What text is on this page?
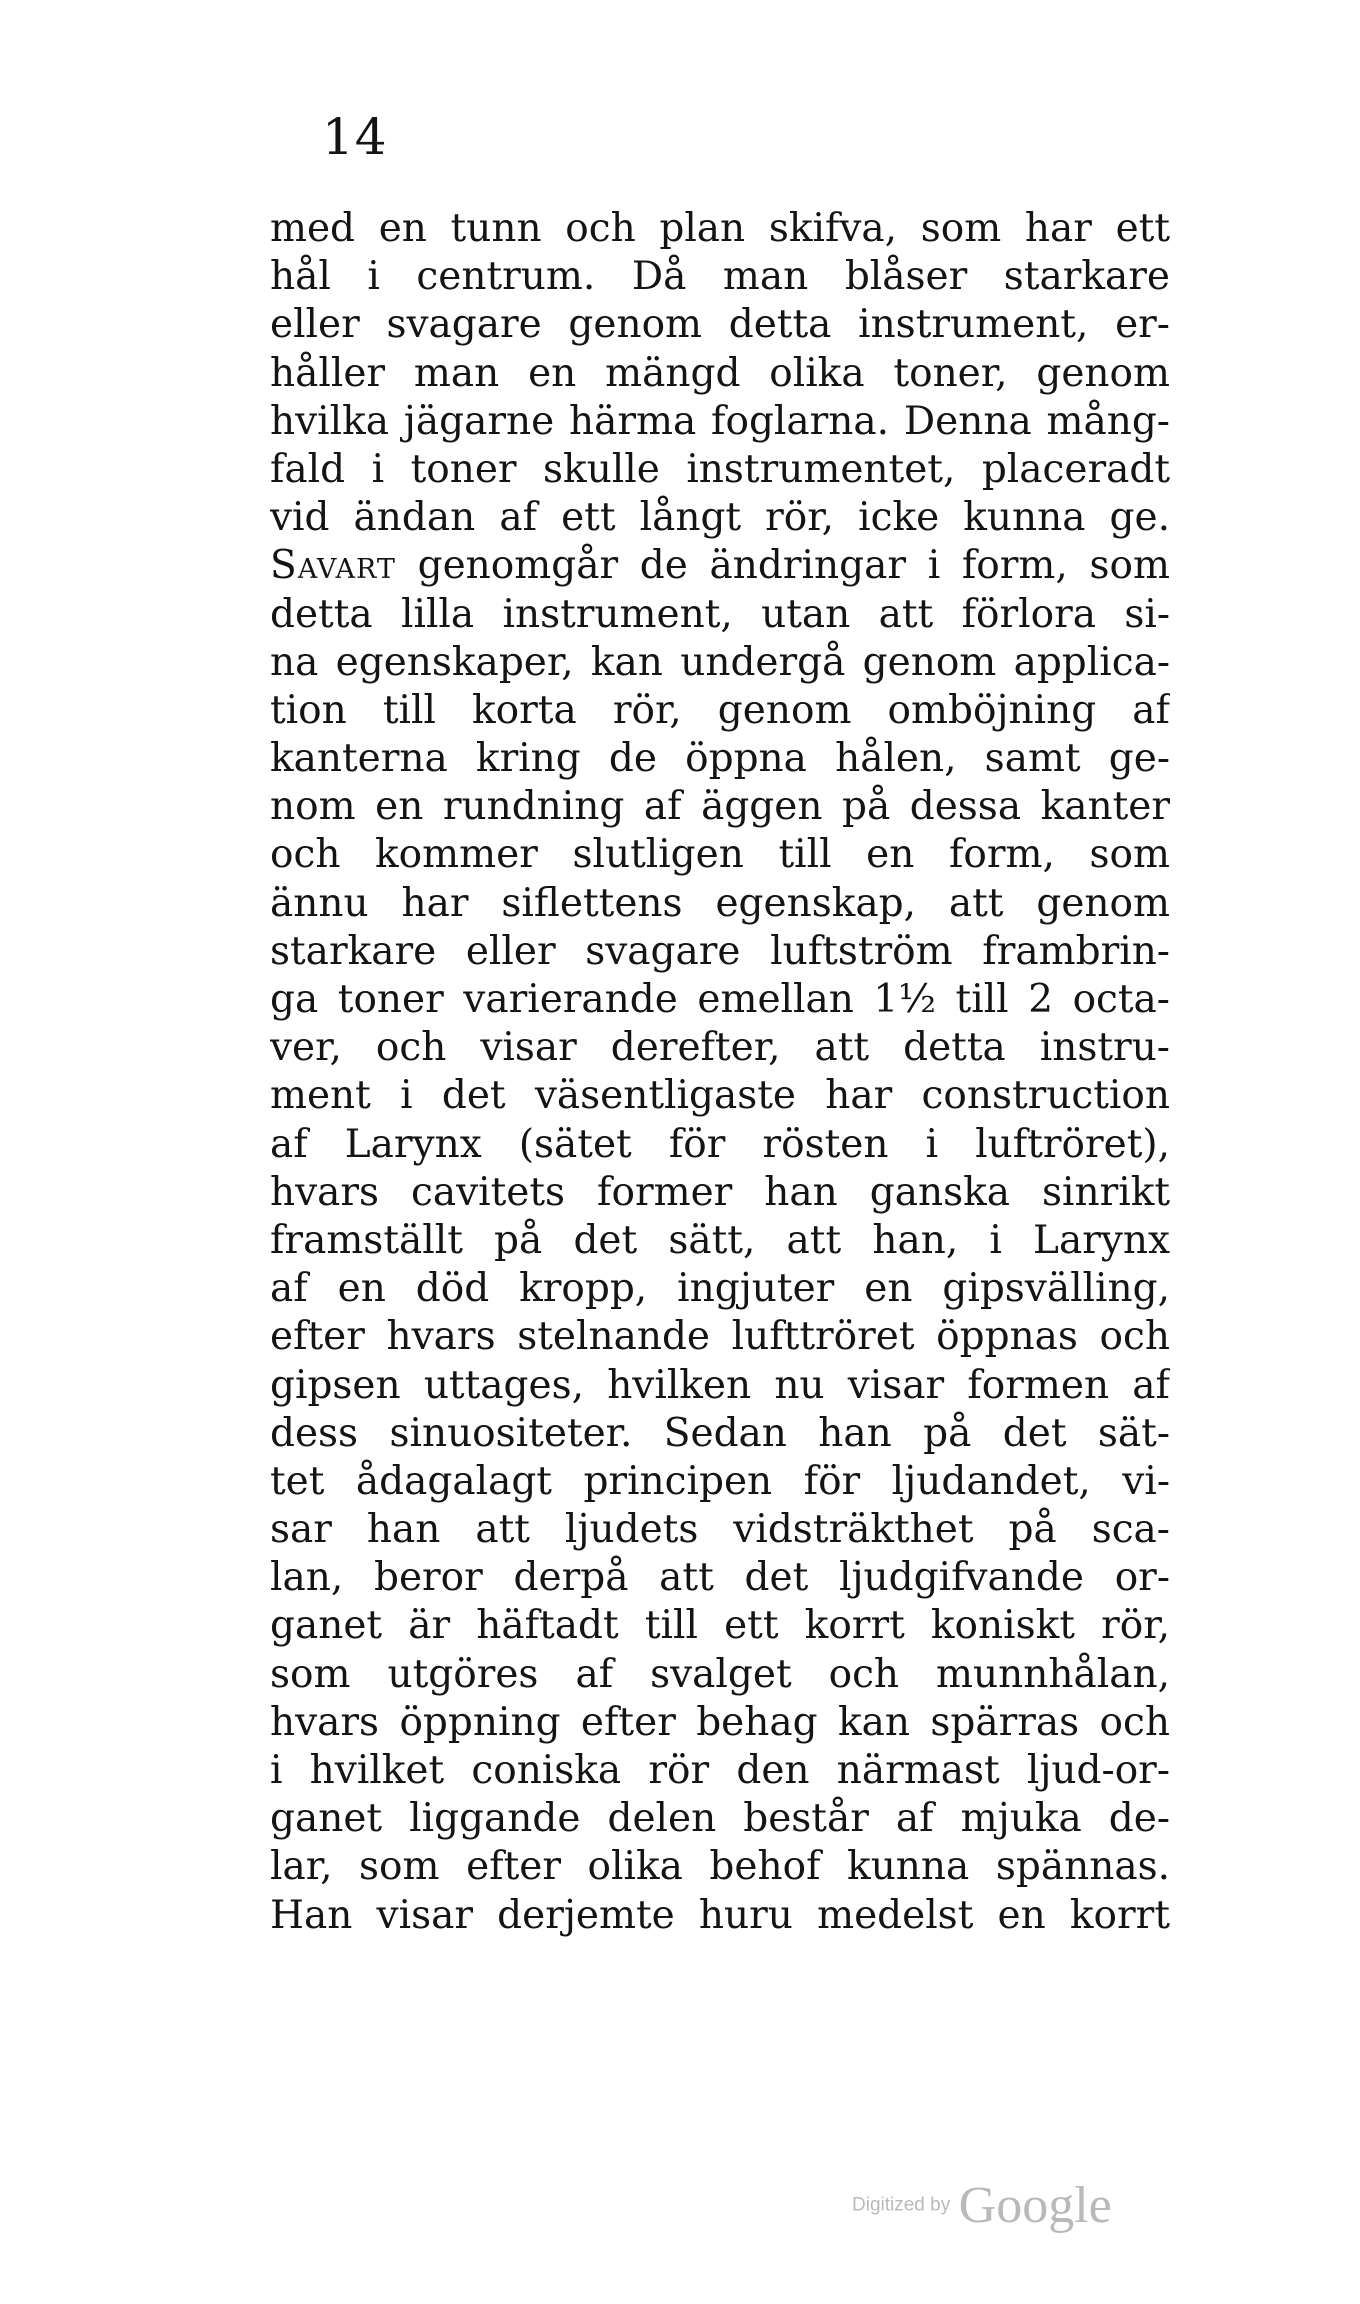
14
med en tunn och plan skifva, som har ett
hål i centrum. Då man blåser starkare
eller svagare genom detta instrument, er-
håller man en mängd olika toner, genom
hvilka jägarne härma foglarna. Denna mång-
fald i toner skulle instrumentet, placeradt
vid ändan af ett långt rör, icke kunna ge.
Savart genomgår de ändringar i form, som
detta lilla instrument, utan att förlora si-
na egenskaper, kan undergå genom applica-
tion till korta rör, genom omböjning af
kanterna kring de öppna hålen, samt ge-
nom en rundning af äggen på dessa kanter
och kommer slutligen till en form, som
ännu har siflettens egenskap, att genom
starkare eller svagare luftström frambrin-
ga toner varierande emellan 1½ till 2 octa-
ver, och visar derefter, att detta instru-
ment i det väsentligaste har construction
af Larynx (sätet för rösten i luftröret),
hvars cavitets former han ganska sinrikt
framställt på det sätt, att han, i Larynx
af en död kropp, ingjuter en gipsvälling,
efter hvars stelnande lufttröret öppnas och
gipsen uttages, hvilken nu visar formen af
dess sinuositeter. Sedan han på det sät-
tet ådagalagt principen för ljudandet, vi-
sar han att ljudets vidsträkthet på sca-
lan, beror derpå att det ljudgifvande or-
ganet är häftadt till ett korrt koniskt rör,
som utgöres af svalget och munnhålan,
hvars öppning efter behag kan spärras och
i hvilket coniska rör den närmast ljud-or-
ganet liggande delen består af mjuka de-
lar, som efter olika behof kunna spännas.
Han visar derjemte huru medelst en korrt
Digitized by Google
